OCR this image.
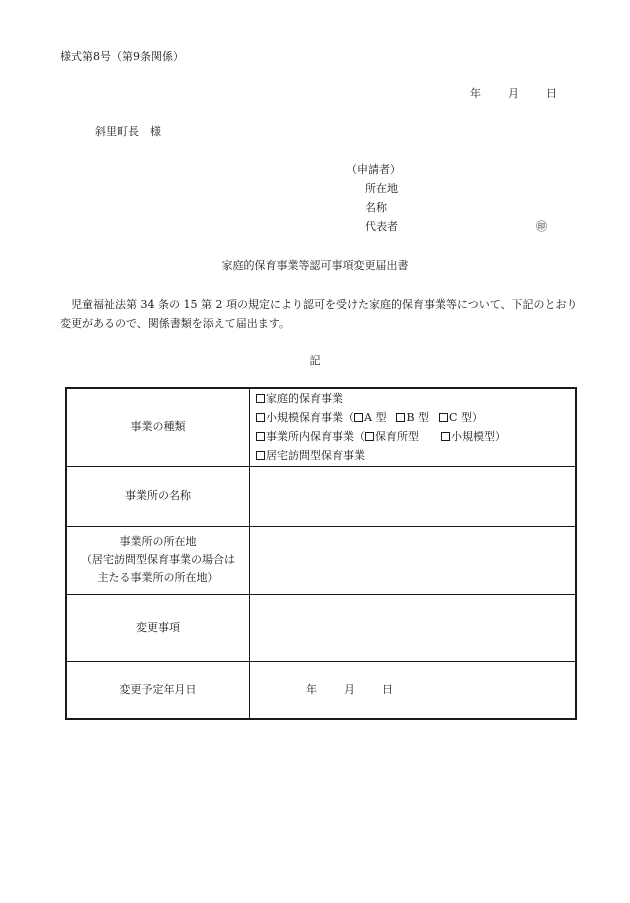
様式第8号（第9条関係）
年 月 日
斜里町長　様
（申請者）
所在地
名称
代表者	㊞
家庭的保育事業等認可事項変更届出書
児童福祉法第 34 条の 15 第 2 項の規定により認可を受けた家庭的保育事業等について、下記のとおり変更があるので、関係書類を添えて届出ます。
記
事業の種類	家庭的保育事業
小規模保育事業（ A 型 B 型 C 型）
事業所内保育事業（ 保育所型 小規模型）
居宅訪問型保育事業

事業所の名称	

事業所の所在地
（居宅訪問型保育事業の場合は
主たる事業所の所在地）	

変更事項	
変更予定年月日	年 月 日
